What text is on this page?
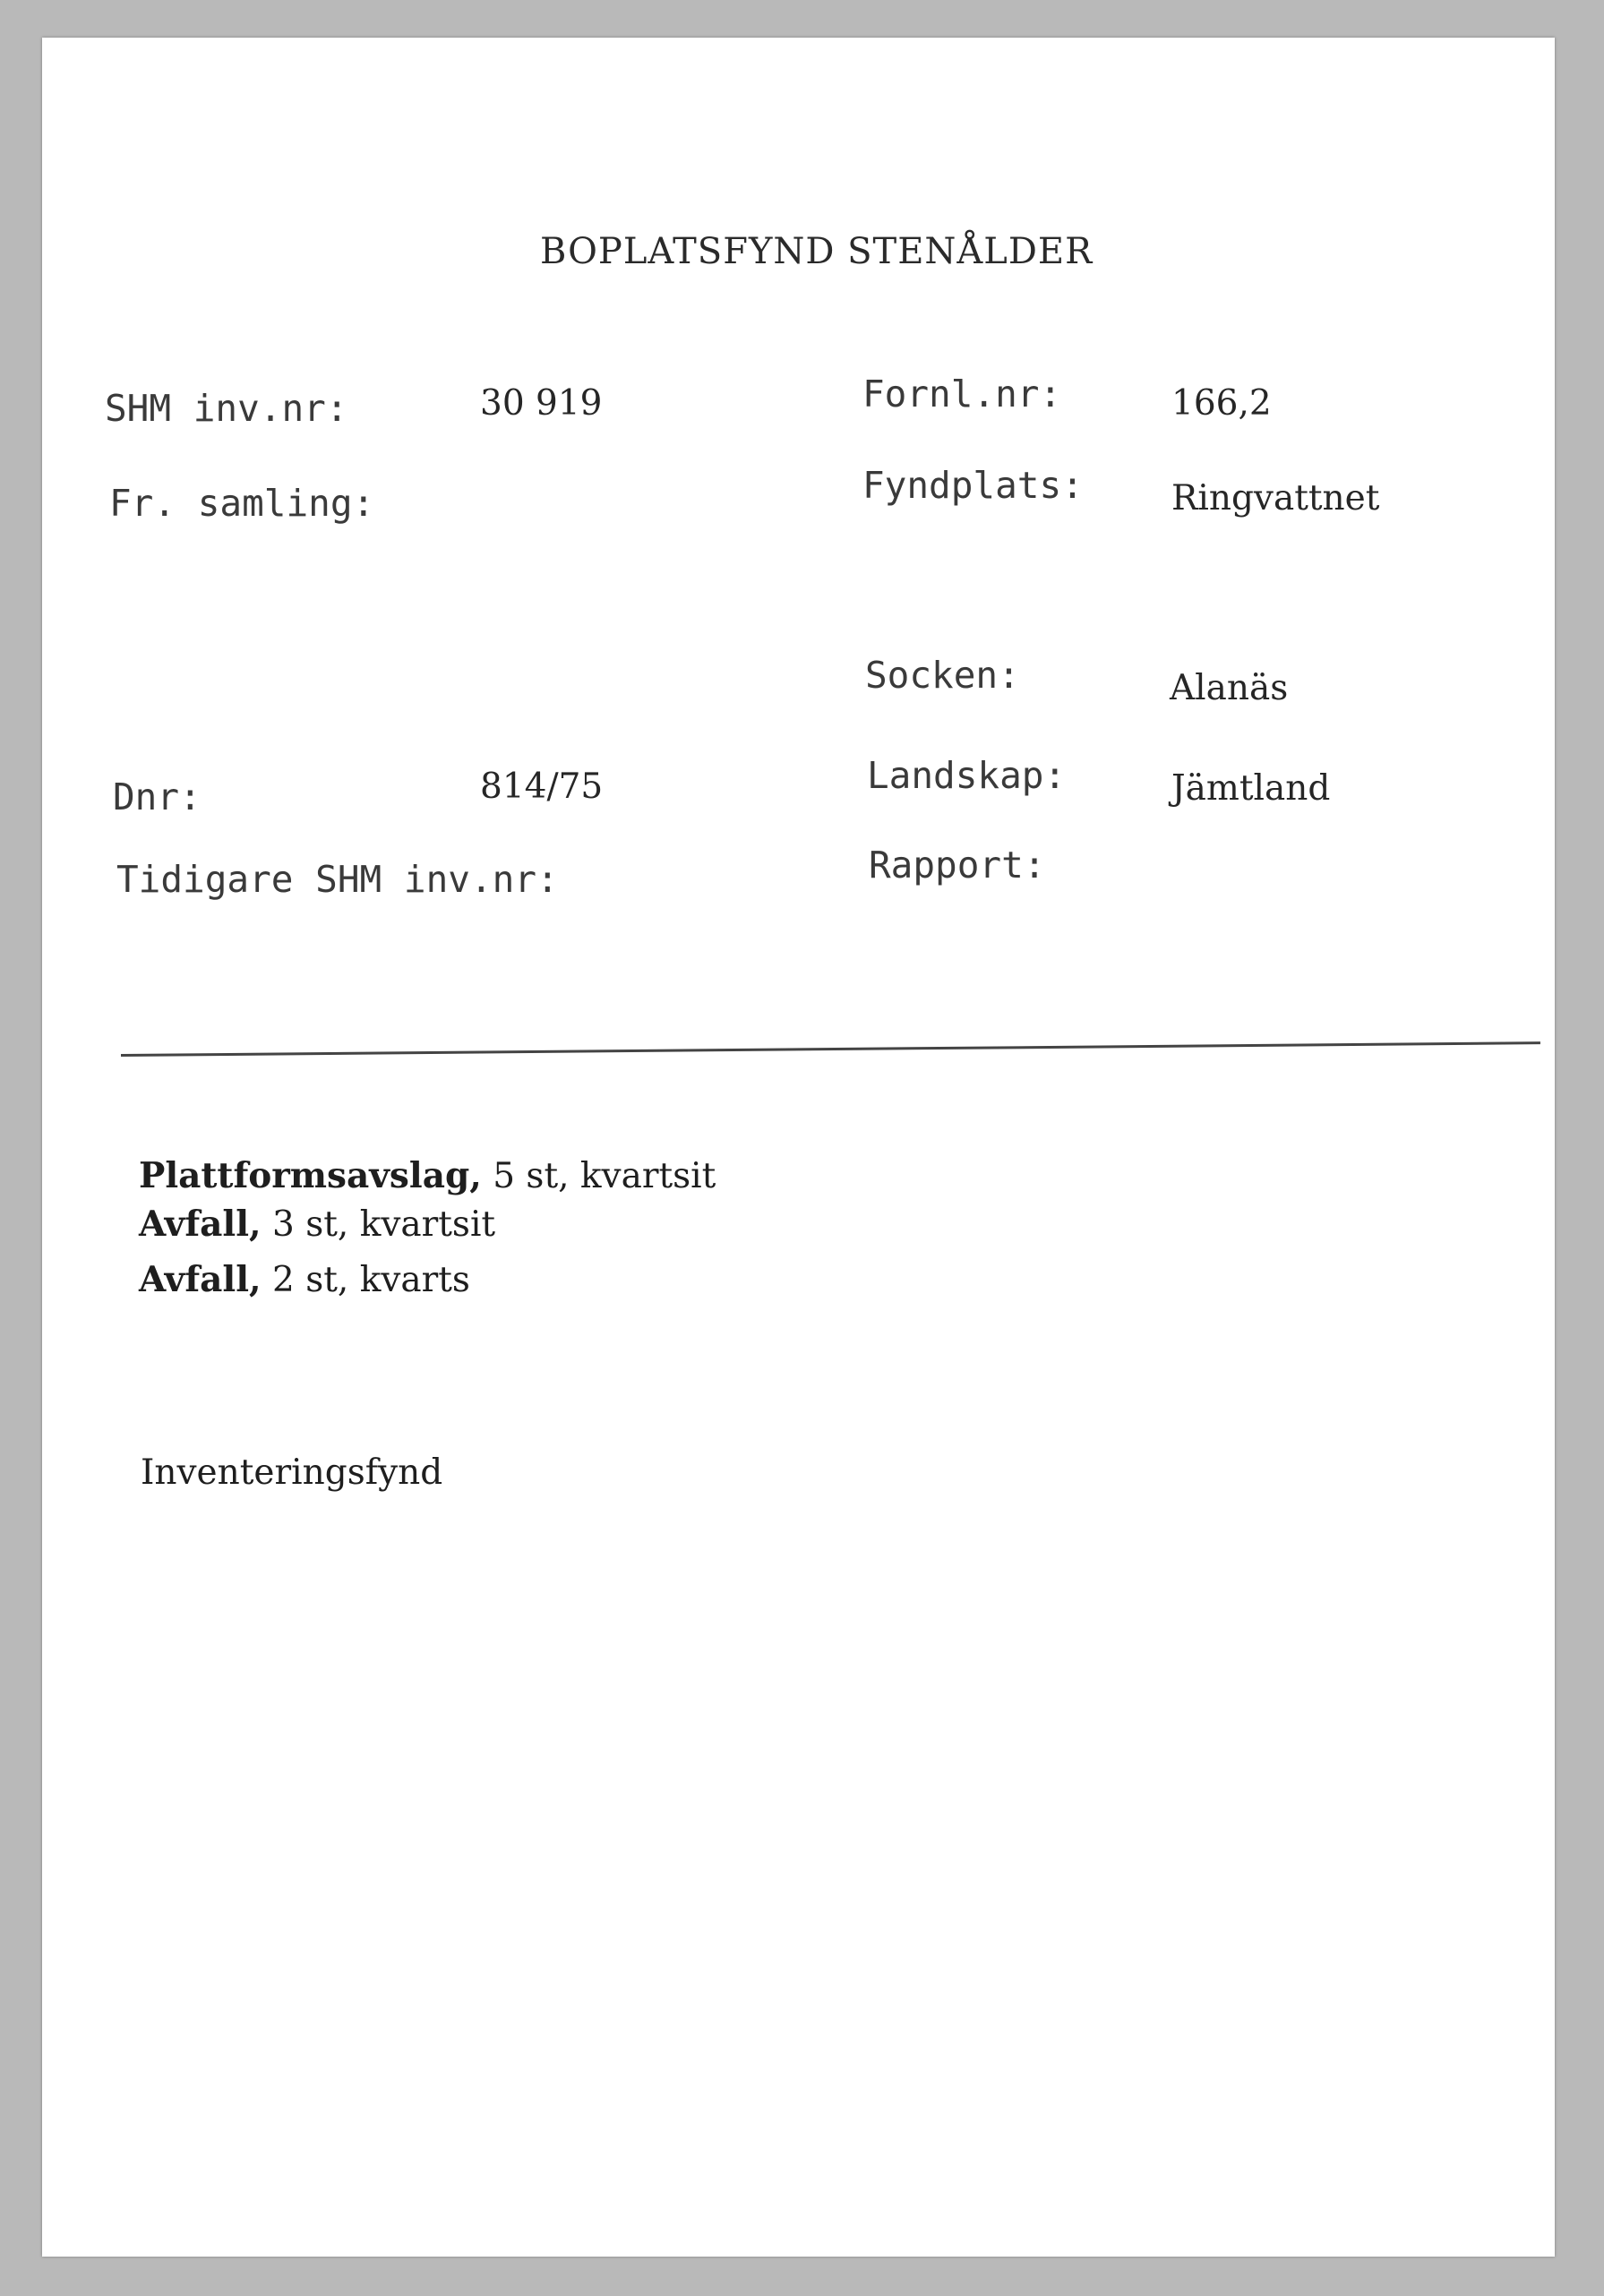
BOPLATSFYND STENÅLDER
SHM inv.nr:	30 919
Fr. samling:
Dnr:	814/75
Tidigare SHM inv.nr:
Fornl.nr:	166,2
Fyndplats:	Ringvattnet
Socken:	Alanäs
Landskap:	Jämtland
Rapport:
Plattformsavslag, 5 st, kvartsit
Avfall, 3 st, kvartsit
Avfall, 2 st, kvarts
Inventeringsfynd
